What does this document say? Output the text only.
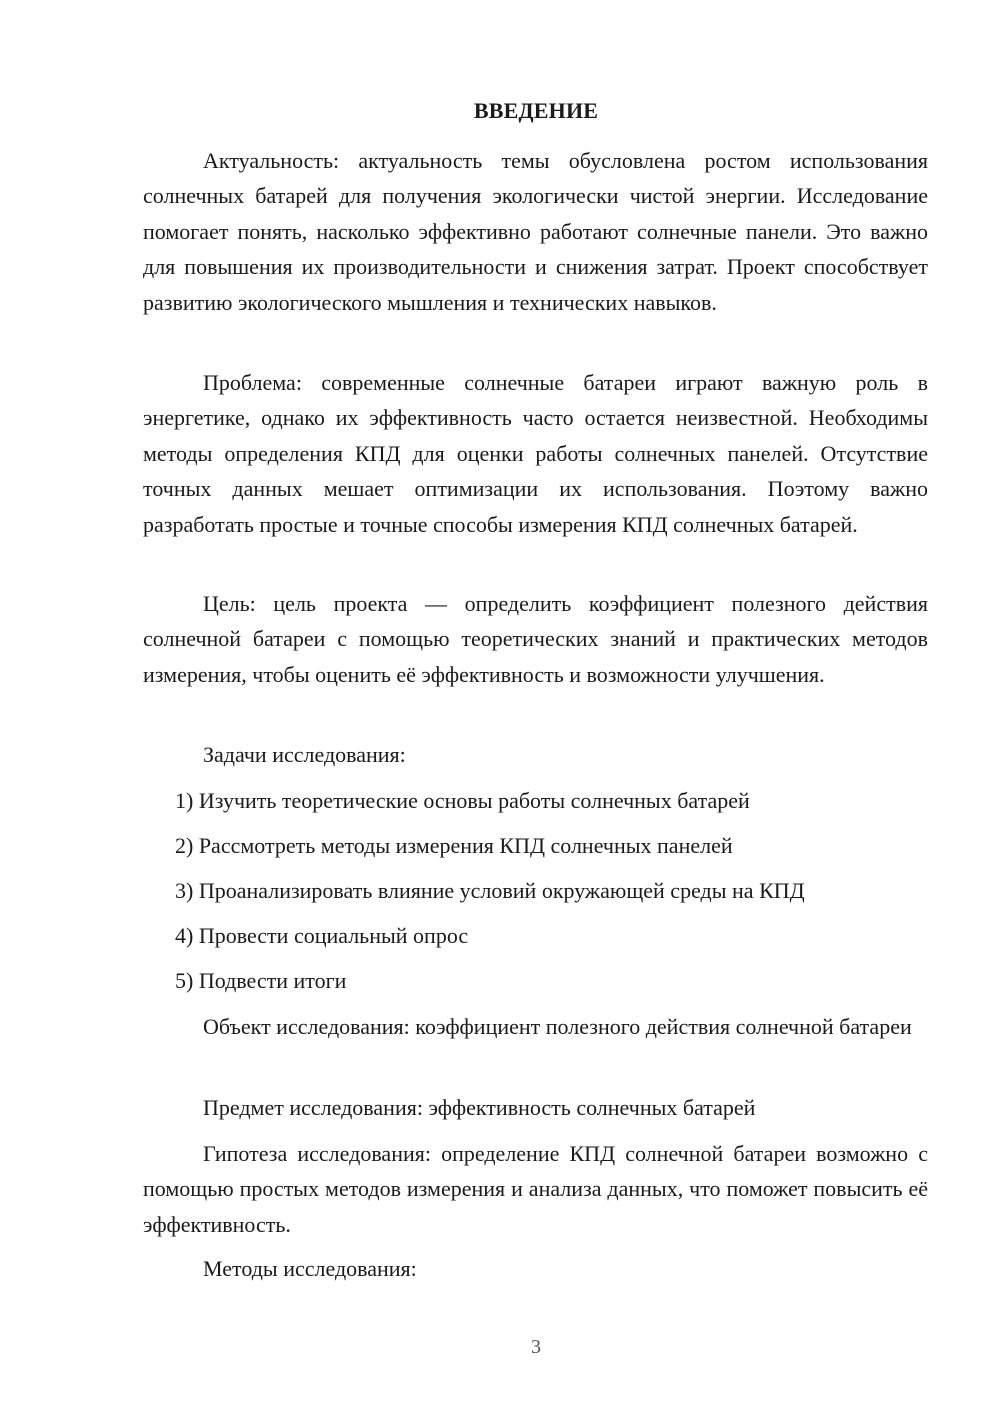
ВВЕДЕНИЕ

Актуальность: актуальность темы обусловлена ростом использования солнечных батарей для получения экологически чистой энергии. Исследование помогает понять, насколько эффективно работают солнечные панели. Это важно для повышения их производительности и снижения затрат. Проект способствует развитию экологического мышления и технических навыков.

Проблема: современные солнечные батареи играют важную роль в энергетике, однако их эффективность часто остается неизвестной. Необходимы методы определения КПД для оценки работы солнечных панелей. Отсутствие точных данных мешает оптимизации их использования. Поэтому важно разработать простые и точные способы измерения КПД солнечных батарей.

Цель: цель проекта — определить коэффициент полезного действия солнечной батареи с помощью теоретических знаний и практических методов измерения, чтобы оценить её эффективность и возможности улучшения.

Задачи исследования:
1) Изучить теоретические основы работы солнечных батарей
2) Рассмотреть методы измерения КПД солнечных панелей
3) Проанализировать влияние условий окружающей среды на КПД
4) Провести социальный опрос
5) Подвести итоги

Объект исследования: коэффициент полезного действия солнечной батареи

Предмет исследования: эффективность солнечных батарей

Гипотеза исследования: определение КПД солнечной батареи возможно с помощью простых методов измерения и анализа данных, что поможет повысить её эффективность.

Методы исследования:
3
